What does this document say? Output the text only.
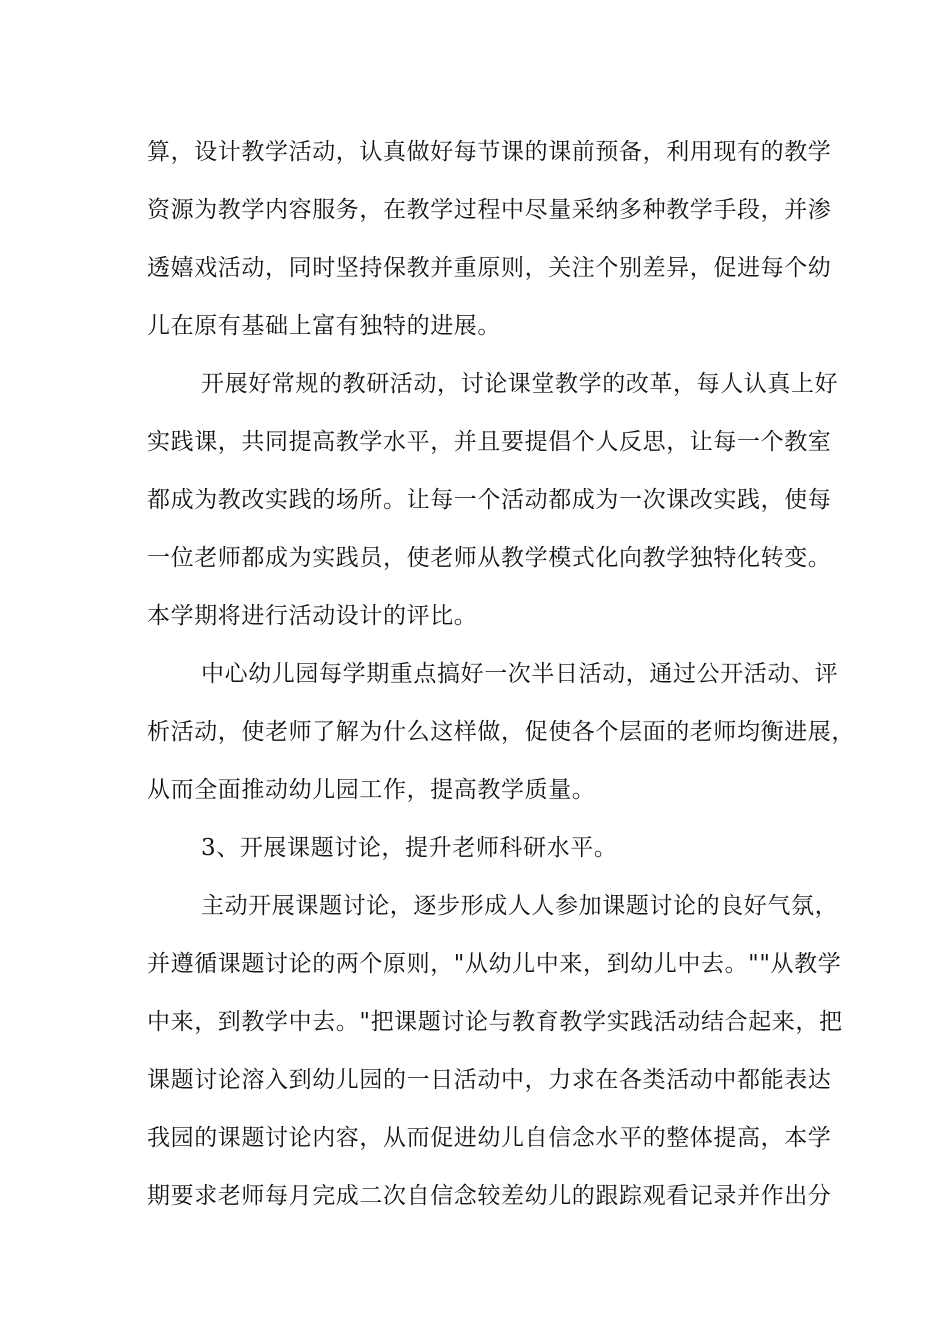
算，设计教学活动，认真做好每节课的课前预备，利用现有的教学
资源为教学内容服务，在教学过程中尽量采纳多种教学手段，并渗
透嬉戏活动，同时坚持保教并重原则，关注个别差异，促进每个幼
儿在原有基础上富有独特的进展。
开展好常规的教研活动，讨论课堂教学的改革，每人认真上好
实践课，共同提高教学水平，并且要提倡个人反思，让每一个教室
都成为教改实践的场所。让每一个活动都成为一次课改实践，使每
一位老师都成为实践员，使老师从教学模式化向教学独特化转变。
本学期将进行活动设计的评比。
中心幼儿园每学期重点搞好一次半日活动，通过公开活动、评
析活动，使老师了解为什么这样做，促使各个层面的老师均衡进展，
从而全面推动幼儿园工作，提高教学质量。
3、开展课题讨论，提升老师科研水平。
主动开展课题讨论，逐步形成人人参加课题讨论的良好气氛，
并遵循课题讨论的两个原则，"从幼儿中来，到幼儿中去。""从教学
中来，到教学中去。"把课题讨论与教育教学实践活动结合起来，把
课题讨论溶入到幼儿园的一日活动中，力求在各类活动中都能表达
我园的课题讨论内容，从而促进幼儿自信念水平的整体提高，本学
期要求老师每月完成二次自信念较差幼儿的跟踪观看记录并作出分
